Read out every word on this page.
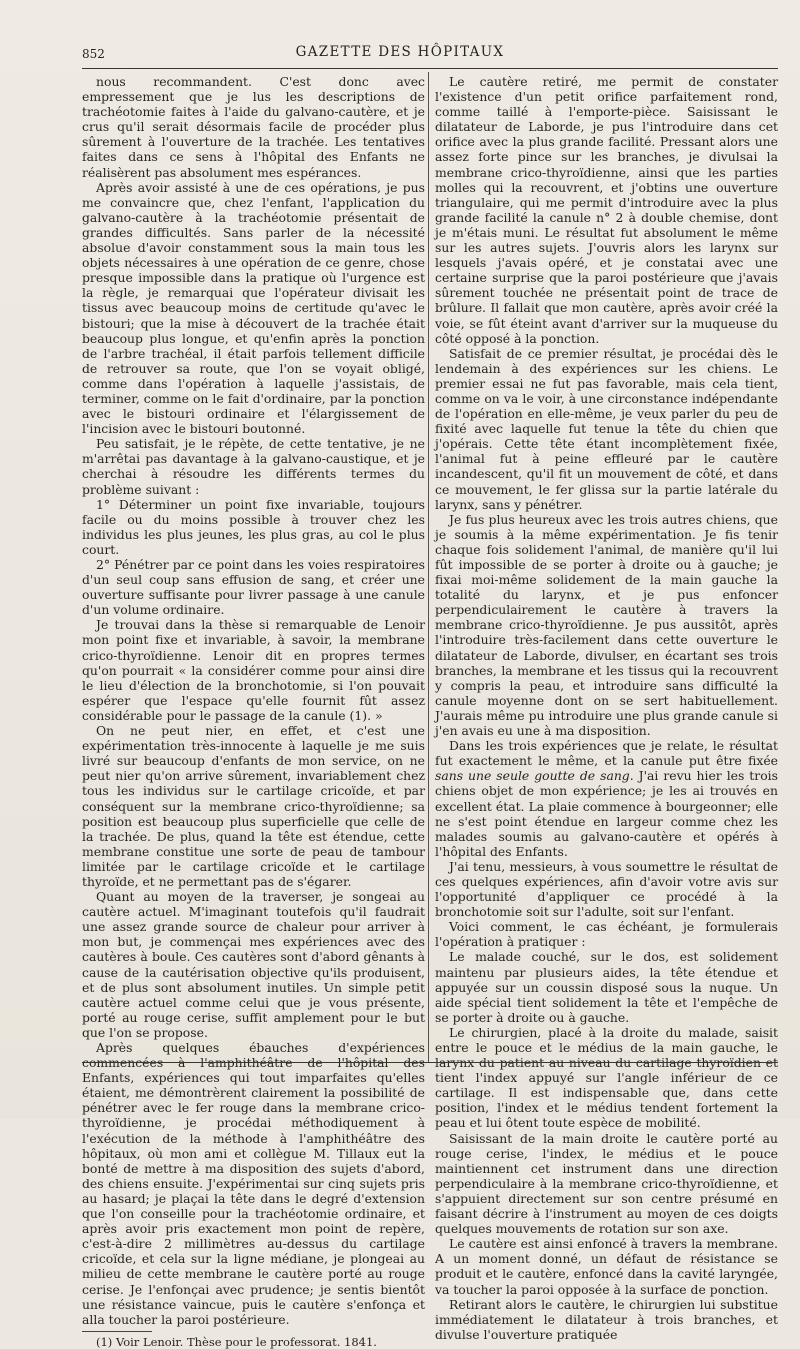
852	GAZETTE DES HÔPITAUX

nous recommandent. C'est donc avec empressement que je lus les descriptions de trachéotomie faites à l'aide du galvano-cautère, et je crus qu'il serait désormais facile de procéder plus sûrement à l'ouverture de la trachée. Les tentatives faites dans ce sens à l'hôpital des Enfants ne réalisèrent pas absolument mes espérances.

Après avoir assisté à une de ces opérations, je pus me convaincre que, chez l'enfant, l'application du galvano-cautère à la trachéotomie présentait de grandes difficultés. Sans parler de la nécessité absolue d'avoir constamment sous la main tous les objets nécessaires à une opération de ce genre, chose presque impossible dans la pratique où l'urgence est la règle, je remarquai que l'opérateur divisait les tissus avec beaucoup moins de certitude qu'avec le bistouri; que la mise à découvert de la trachée était beaucoup plus longue, et qu'enfin après la ponction de l'arbre trachéal, il était parfois tellement difficile de retrouver sa route, que l'on se voyait obligé, comme dans l'opération à laquelle j'assistais, de terminer, comme on le fait d'ordinaire, par la ponction avec le bistouri ordinaire et l'élargissement de l'incision avec le bistouri boutonné.

Peu satisfait, je le répète, de cette tentative, je ne m'arrêtai pas davantage à la galvano-caustique, et je cherchai à résoudre les différents termes du problème suivant :

1° Déterminer un point fixe invariable, toujours facile ou du moins possible à trouver chez les individus les plus jeunes, les plus gras, au col le plus court.

2° Pénétrer par ce point dans les voies respiratoires d'un seul coup sans effusion de sang, et créer une ouverture suffisante pour livrer passage à une canule d'un volume ordinaire.

Je trouvai dans la thèse si remarquable de Lenoir mon point fixe et invariable, à savoir, la membrane crico-thyroïdienne. Lenoir dit en propres termes qu'on pourrait « la considérer comme pour ainsi dire le lieu d'élection de la bronchotomie, si l'on pouvait espérer que l'espace qu'elle fournit fût assez considérable pour le passage de la canule (1). »

On ne peut nier, en effet, et c'est une expérimentation très-innocente à laquelle je me suis livré sur beaucoup d'enfants de mon service, on ne peut nier qu'on arrive sûrement, invariablement chez tous les individus sur le cartilage cricoïde, et par conséquent sur la membrane crico-thyroïdienne; sa position est beaucoup plus superficielle que celle de la trachée. De plus, quand la tête est étendue, cette membrane constitue une sorte de peau de tambour limitée par le cartilage cricoïde et le cartilage thyroïde, et ne permettant pas de s'égarer.

Quant au moyen de la traverser, je songeai au cautère actuel. M'imaginant toutefois qu'il faudrait une assez grande source de chaleur pour arriver à mon but, je commençai mes expériences avec des cautères à boule. Ces cautères sont d'abord gênants à cause de la cautérisation objective qu'ils produisent, et de plus sont absolument inutiles. Un simple petit cautère actuel comme celui que je vous présente, porté au rouge cerise, suffit amplement pour le but que l'on se propose.

Après quelques ébauches d'expériences commencées à l'amphithéâtre de l'hôpital des Enfants, expériences qui tout imparfaites qu'elles étaient, me démontrèrent clairement la possibilité de pénétrer avec le fer rouge dans la membrane crico-thyroïdienne, je procédai méthodiquement à l'exécution de la méthode à l'amphithéâtre des hôpitaux, où mon ami et collègue M. Tillaux eut la bonté de mettre à ma disposition des sujets d'abord, des chiens ensuite. J'expérimentai sur cinq sujets pris au hasard; je plaçai la tête dans le degré d'extension que l'on conseille pour la trachéotomie ordinaire, et après avoir pris exactement mon point de repère, c'est-à-dire 2 millimètres au-dessus du cartilage cricoïde, et cela sur la ligne médiane, je plongeai au milieu de cette membrane le cautère porté au rouge cerise. Je l'enfonçai avec prudence; je sentis bientôt une résistance vaincue, puis le cautère s'enfonça et alla toucher la paroi postérieure.

(1) Voir Lenoir. Thèse pour le professorat. 1841.

Le cautère retiré, me permit de constater l'existence d'un petit orifice parfaitement rond, comme taillé à l'emporte-pièce. Saisissant le dilatateur de Laborde, je pus l'introduire dans cet orifice avec la plus grande facilité. Pressant alors une assez forte pince sur les branches, je divulsai la membrane crico-thyroïdienne, ainsi que les parties molles qui la recouvrent, et j'obtins une ouverture triangulaire, qui me permit d'introduire avec la plus grande facilité la canule n° 2 à double chemise, dont je m'étais muni. Le résultat fut absolument le même sur les autres sujets. J'ouvris alors les larynx sur lesquels j'avais opéré, et je constatai avec une certaine surprise que la paroi postérieure que j'avais sûrement touchée ne présentait point de trace de brûlure. Il fallait que mon cautère, après avoir créé la voie, se fût éteint avant d'arriver sur la muqueuse du côté opposé à la ponction.

Satisfait de ce premier résultat, je procédai dès le lendemain à des expériences sur les chiens. Le premier essai ne fut pas favorable, mais cela tient, comme on va le voir, à une circonstance indépendante de l'opération en elle-même, je veux parler du peu de fixité avec laquelle fut tenue la tête du chien que j'opérais. Cette tête étant incomplètement fixée, l'animal fut à peine effleuré par le cautère incandescent, qu'il fit un mouvement de côté, et dans ce mouvement, le fer glissa sur la partie latérale du larynx, sans y pénétrer.

Je fus plus heureux avec les trois autres chiens, que je soumis à la même expérimentation. Je fis tenir chaque fois solidement l'animal, de manière qu'il lui fût impossible de se porter à droite ou à gauche; je fixai moi-même solidement de la main gauche la totalité du larynx, et je pus enfoncer perpendiculairement le cautère à travers la membrane crico-thyroïdienne. Je pus aussitôt, après l'introduire très-facilement dans cette ouverture le dilatateur de Laborde, divulser, en écartant ses trois branches, la membrane et les tissus qui la recouvrent y compris la peau, et introduire sans difficulté la canule moyenne dont on se sert habituellement. J'aurais même pu introduire une plus grande canule si j'en avais eu une à ma disposition.

Dans les trois expériences que je relate, le résultat fut exactement le même, et la canule put être fixée sans une seule goutte de sang. J'ai revu hier les trois chiens objet de mon expérience; je les ai trouvés en excellent état. La plaie commence à bourgeonner; elle ne s'est point étendue en largeur comme chez les malades soumis au galvano-cautère et opérés à l'hôpital des Enfants.

J'ai tenu, messieurs, à vous soumettre le résultat de ces quelques expériences, afin d'avoir votre avis sur l'opportunité d'appliquer ce procédé à la bronchotomie soit sur l'adulte, soit sur l'enfant.

Voici comment, le cas échéant, je formulerais l'opération à pratiquer :

Le malade couché, sur le dos, est solidement maintenu par plusieurs aides, la tête étendue et appuyée sur un coussin disposé sous la nuque. Un aide spécial tient solidement la tête et l'empêche de se porter à droite ou à gauche.

Le chirurgien, placé à la droite du malade, saisit entre le pouce et le médius de la main gauche, le larynx du patient au niveau du cartilage thyroïdien et tient l'index appuyé sur l'angle inférieur de ce cartilage. Il est indispensable que, dans cette position, l'index et le médius tendent fortement la peau et lui ôtent toute espèce de mobilité.

Saisissant de la main droite le cautère porté au rouge cerise, l'index, le médius et le pouce maintiennent cet instrument dans une direction perpendiculaire à la membrane crico-thyroïdienne, et s'appuient directement sur son centre présumé en faisant décrire à l'instrument au moyen de ces doigts quelques mouvements de rotation sur son axe.

Le cautère est ainsi enfoncé à travers la membrane. A un moment donné, un défaut de résistance se produit et le cautère, enfoncé dans la cavité laryngée, va toucher la paroi opposée à la surface de ponction.

Retirant alors le cautère, le chirurgien lui substitue immédiatement le dilatateur à trois branches, et divulse l'ouverture pratiquée
